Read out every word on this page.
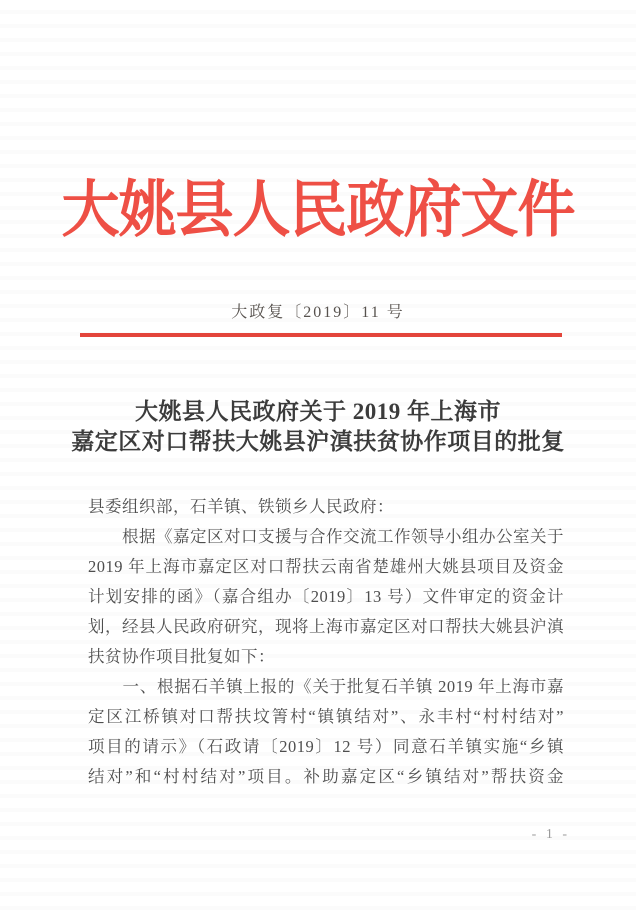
大姚县人民政府文件
大政复〔2019〕11 号
大姚县人民政府关于 2019 年上海市
嘉定区对口帮扶大姚县沪滇扶贫协作项目的批复
县委组织部，石羊镇、铁锁乡人民政府：
　　根据《嘉定区对口支援与合作交流工作领导小组办公室关于
2019 年上海市嘉定区对口帮扶云南省楚雄州大姚县项目及资金
计划安排的函》（嘉合组办〔2019〕13 号）文件审定的资金计
划，经县人民政府研究，现将上海市嘉定区对口帮扶大姚县沪滇
扶贫协作项目批复如下：
　　一、根据石羊镇上报的《关于批复石羊镇 2019 年上海市嘉
定区江桥镇对口帮扶坟箐村“镇镇结对”、永丰村“村村结对”
项目的请示》（石政请〔2019〕12 号）同意石羊镇实施“乡镇
结对”和“村村结对”项目。补助嘉定区“乡镇结对”帮扶资金
- 1 -
